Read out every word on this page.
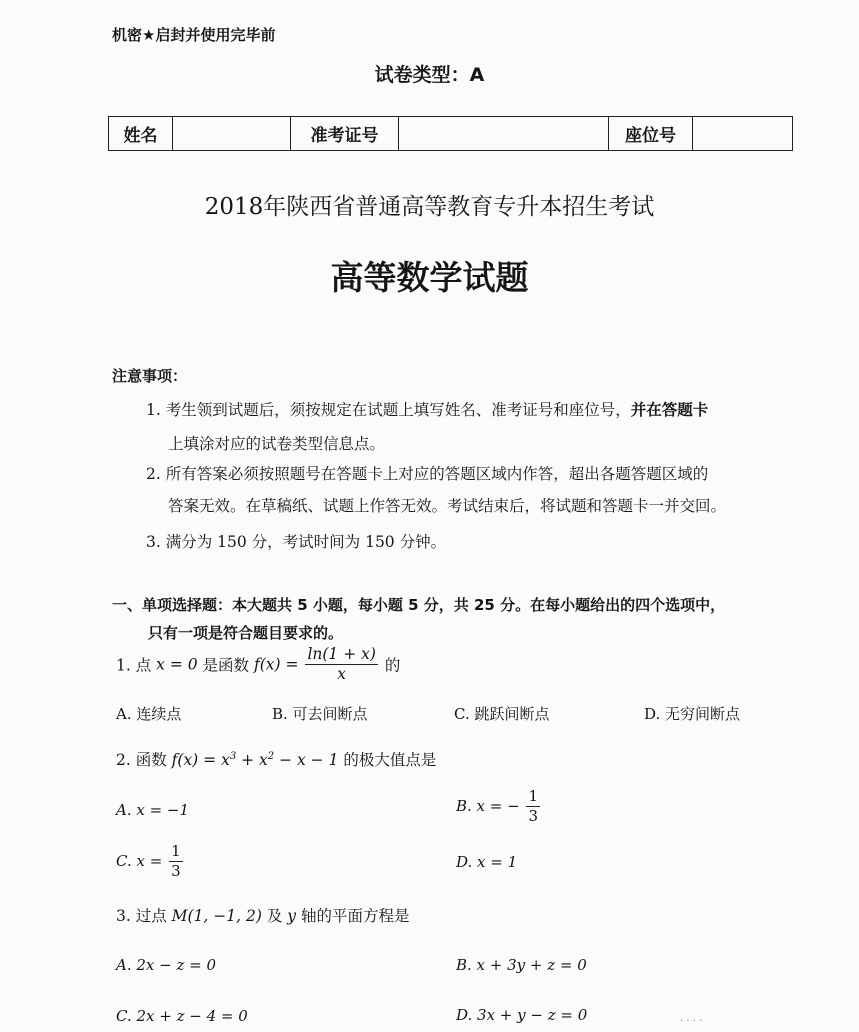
机密★启封并使用完毕前
试卷类型：A
姓名		准考证号		座位号	
2018年陕西省普通高等教育专升本招生考试
高等数学试题
注意事项：
1. 考生领到试题后，须按规定在试题上填写姓名、准考证号和座位号，并在答题卡
上填涂对应的试卷类型信息点。
2. 所有答案必须按照题号在答题卡上对应的答题区域内作答，超出各题答题区域的
答案无效。在草稿纸、试题上作答无效。考试结束后，将试题和答题卡一并交回。
3. 满分为 150 分，考试时间为 150 分钟。
一、单项选择题：本大题共 5 小题，每小题 5 分，共 25 分。在每小题给出的四个选项中，
只有一项是符合题目要求的。
1. 点 x = 0 是函数 $f(x) = \frac{\ln(1 + x)}{x}$ 的
A. 连续点	B. 可去间断点	C. 跳跃间断点	D. 无穷间断点
2. 函数 $f(x) = x^3 + x^2 - x - 1$ 的极大值点是
A. x = −1	B. x = − $\frac{1}{3}$
C. $x = \frac{1}{3}$	D. x = 1
3. 过点 M(1, −1, 2) 及 y 轴的平面方程是
A. 2x − z = 0	B. x + 3y + z = 0
C. 2x + z − 4 = 0	D. 3x + y − z = 0	· · · ·
